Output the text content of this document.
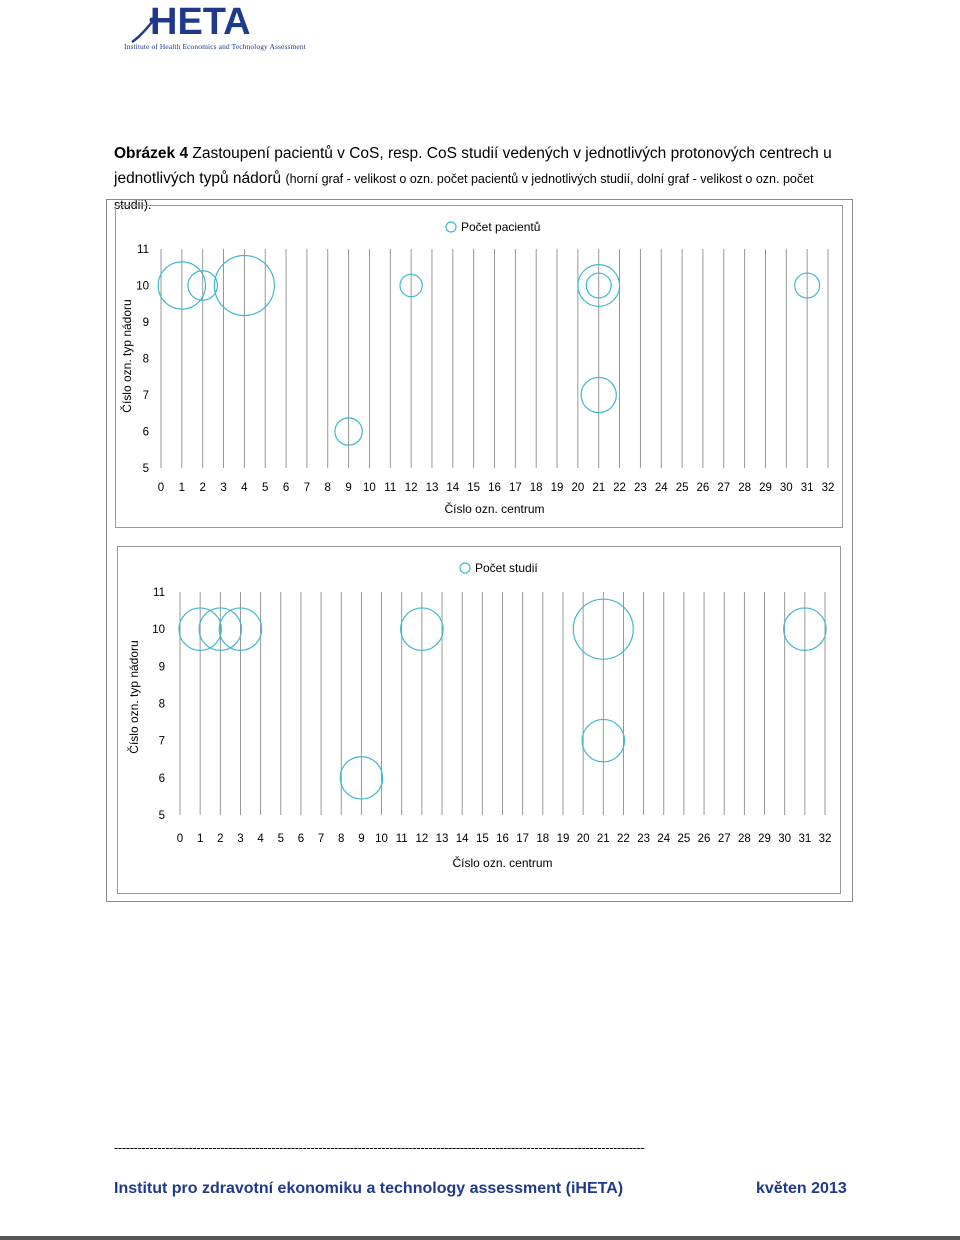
HETA
Institute of Health Economics and Technology Assessment
Obrázek 4 Zastoupení pacientů v CoS, resp. CoS studií vedených v jednotlivých protonových centrech u jednotlivých typů nádorů (horní graf - velikost o ozn. počet pacientů v jednotlivých studií, dolní graf - velikost o ozn. počet studií).
0 1 2 3 4 5 6 7 8 9 10 11 12 13 14 15 16 17 18 19 20 21 22 23 24 25 26 27 28 29 30 31 32
5
6
7
8
9
10
11
Číslo ozn. centrum
Číslo ozn. typ nádoru
Počet pacientů
0 1 2 3 4 5 6 7 8 9 10 11 12 13 14 15 16 17 18 19 20 21 22 23 24 25 26 27 28 29 30 31 32
5
6
7
8
9
10
11
Číslo ozn. centrum
Číslo ozn. typ nádoru
Počet studií
---------------------------------------------------------------------------------------------------------------------------------------
Institut pro zdravotní ekonomiku a technology assessment (iHETA)	květen 2013
